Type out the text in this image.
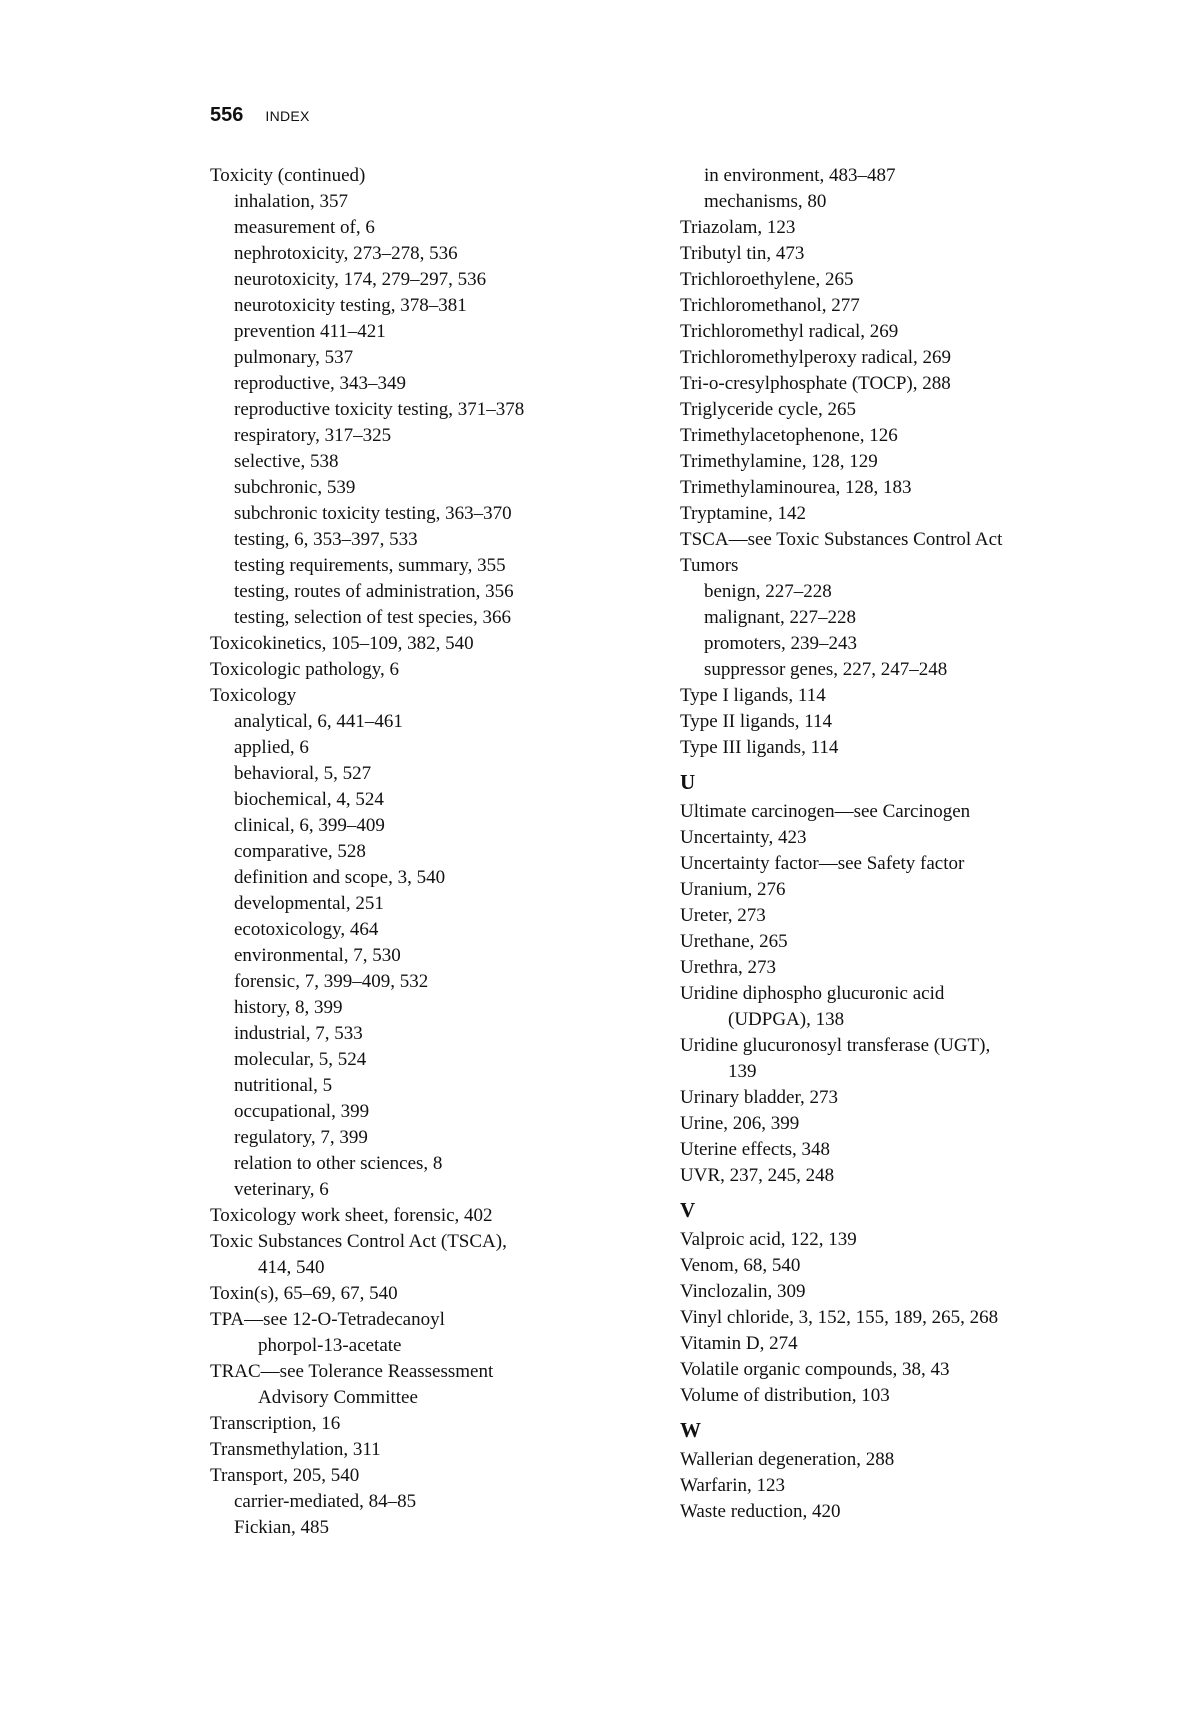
556 INDEX
Toxicity (continued)
inhalation, 357
measurement of, 6
nephrotoxicity, 273–278, 536
neurotoxicity, 174, 279–297, 536
neurotoxicity testing, 378–381
prevention 411–421
pulmonary, 537
reproductive, 343–349
reproductive toxicity testing, 371–378
respiratory, 317–325
selective, 538
subchronic, 539
subchronic toxicity testing, 363–370
testing, 6, 353–397, 533
testing requirements, summary, 355
testing, routes of administration, 356
testing, selection of test species, 366
Toxicokinetics, 105–109, 382, 540
Toxicologic pathology, 6
Toxicology
analytical, 6, 441–461
applied, 6
behavioral, 5, 527
biochemical, 4, 524
clinical, 6, 399–409
comparative, 528
definition and scope, 3, 540
developmental, 251
ecotoxicology, 464
environmental, 7, 530
forensic, 7, 399–409, 532
history, 8, 399
industrial, 7, 533
molecular, 5, 524
nutritional, 5
occupational, 399
regulatory, 7, 399
relation to other sciences, 8
veterinary, 6
Toxicology work sheet, forensic, 402
Toxic Substances Control Act (TSCA),
414, 540
Toxin(s), 65–69, 67, 540
TPA—see 12-O-Tetradecanoyl
phorpol-13-acetate
TRAC—see Tolerance Reassessment
Advisory Committee
Transcription, 16
Transmethylation, 311
Transport, 205, 540
carrier-mediated, 84–85
Fickian, 485
in environment, 483–487
mechanisms, 80
Triazolam, 123
Tributyl tin, 473
Trichloroethylene, 265
Trichloromethanol, 277
Trichloromethyl radical, 269
Trichloromethylperoxy radical, 269
Tri-o-cresylphosphate (TOCP), 288
Triglyceride cycle, 265
Trimethylacetophenone, 126
Trimethylamine, 128, 129
Trimethylaminourea, 128, 183
Tryptamine, 142
TSCA—see Toxic Substances Control Act
Tumors
benign, 227–228
malignant, 227–228
promoters, 239–243
suppressor genes, 227, 247–248
Type I ligands, 114
Type II ligands, 114
Type III ligands, 114
U
Ultimate carcinogen—see Carcinogen
Uncertainty, 423
Uncertainty factor—see Safety factor
Uranium, 276
Ureter, 273
Urethane, 265
Urethra, 273
Uridine diphospho glucuronic acid
(UDPGA), 138
Uridine glucuronosyl transferase (UGT),
139
Urinary bladder, 273
Urine, 206, 399
Uterine effects, 348
UVR, 237, 245, 248
V
Valproic acid, 122, 139
Venom, 68, 540
Vinclozalin, 309
Vinyl chloride, 3, 152, 155, 189, 265, 268
Vitamin D, 274
Volatile organic compounds, 38, 43
Volume of distribution, 103
W
Wallerian degeneration, 288
Warfarin, 123
Waste reduction, 420
